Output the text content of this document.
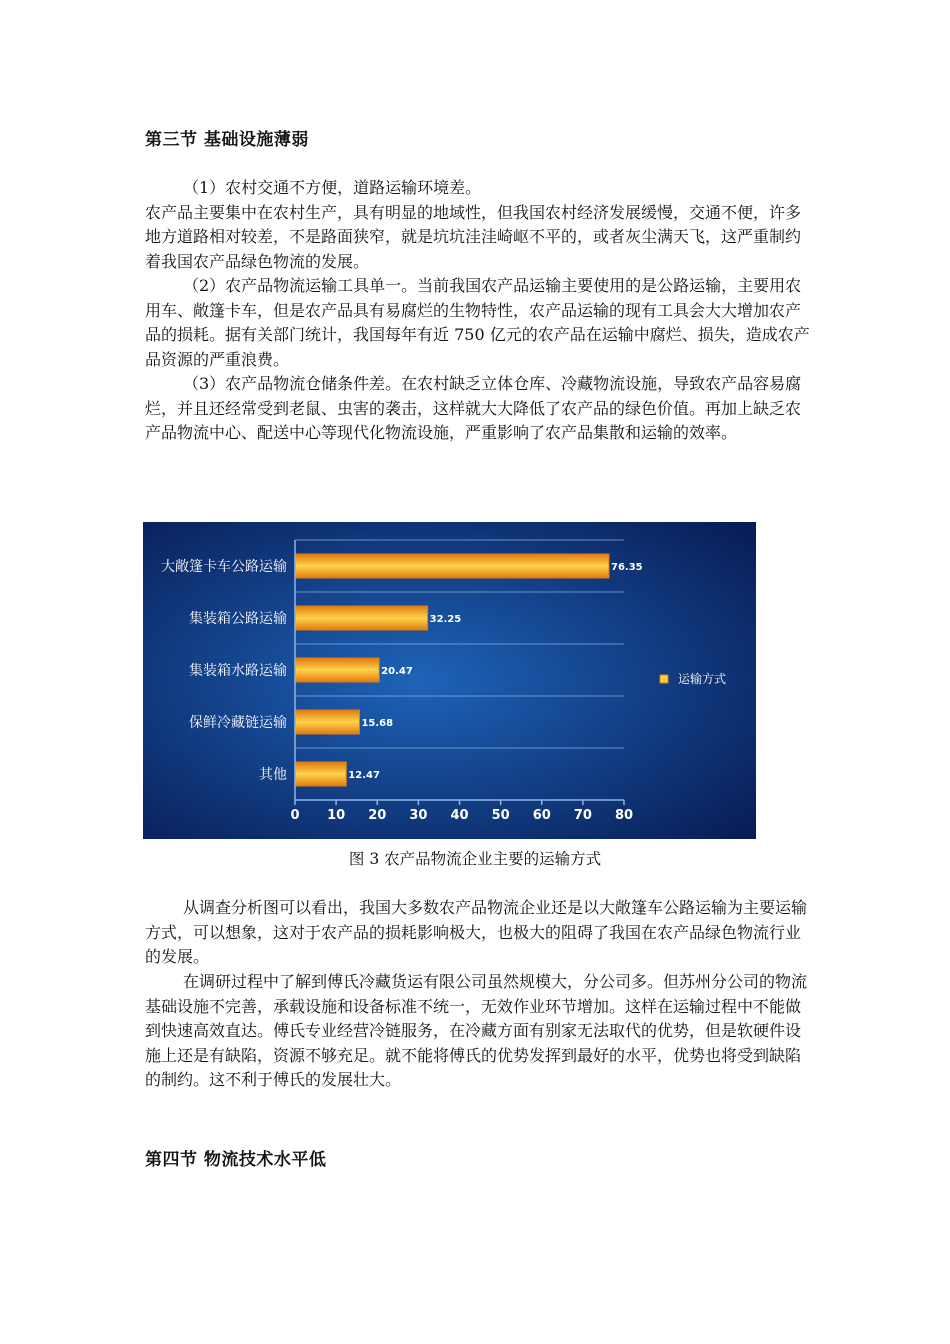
第三节 基础设施薄弱

（1）农村交通不方便，道路运输环境差。

农产品主要集中在农村生产，具有明显的地域性，但我国农村经济发展缓慢，交通不便，许多地方道路相对较差，不是路面狭窄，就是坑坑洼洼崎岖不平的，或者灰尘满天飞，这严重制约着我国农产品绿色物流的发展。

（2）农产品物流运输工具单一。当前我国农产品运输主要使用的是公路运输，主要用农用车、敞篷卡车，但是农产品具有易腐烂的生物特性，农产品运输的现有工具会大大增加农产品的损耗。据有关部门统计，我国每年有近 750 亿元的农产品在运输中腐烂、损失，造成农产品资源的严重浪费。

（3）农产品物流仓储条件差。在农村缺乏立体仓库、冷藏物流设施，导致农产品容易腐烂，并且还经常受到老鼠、虫害的袭击，这样就大大降低了农产品的绿色价值。再加上缺乏农产品物流中心、配送中心等现代化物流设施，严重影响了农产品集散和运输的效率。

76.35
32.25
20.47
15.68
12.47
大敞篷卡车公路运输
集装箱公路运输
集装箱水路运输
保鲜冷藏链运输
其他
0 10 20 30 40 50 60 70 80
运输方式
图 3 农产品物流企业主要的运输方式

从调查分析图可以看出，我国大多数农产品物流企业还是以大敞篷车公路运输为主要运输方式，可以想象，这对于农产品的损耗影响极大，也极大的阻碍了我国在农产品绿色物流行业的发展。

在调研过程中了解到傅氏冷藏货运有限公司虽然规模大，分公司多。但苏州分公司的物流基础设施不完善，承载设施和设备标准不统一，无效作业环节增加。这样在运输过程中不能做到快速高效直达。傅氏专业经营冷链服务，在冷藏方面有别家无法取代的优势，但是软硬件设施上还是有缺陷，资源不够充足。就不能将傅氏的优势发挥到最好的水平，优势也将受到缺陷的制约。这不利于傅氏的发展壮大。

第四节 物流技术水平低
